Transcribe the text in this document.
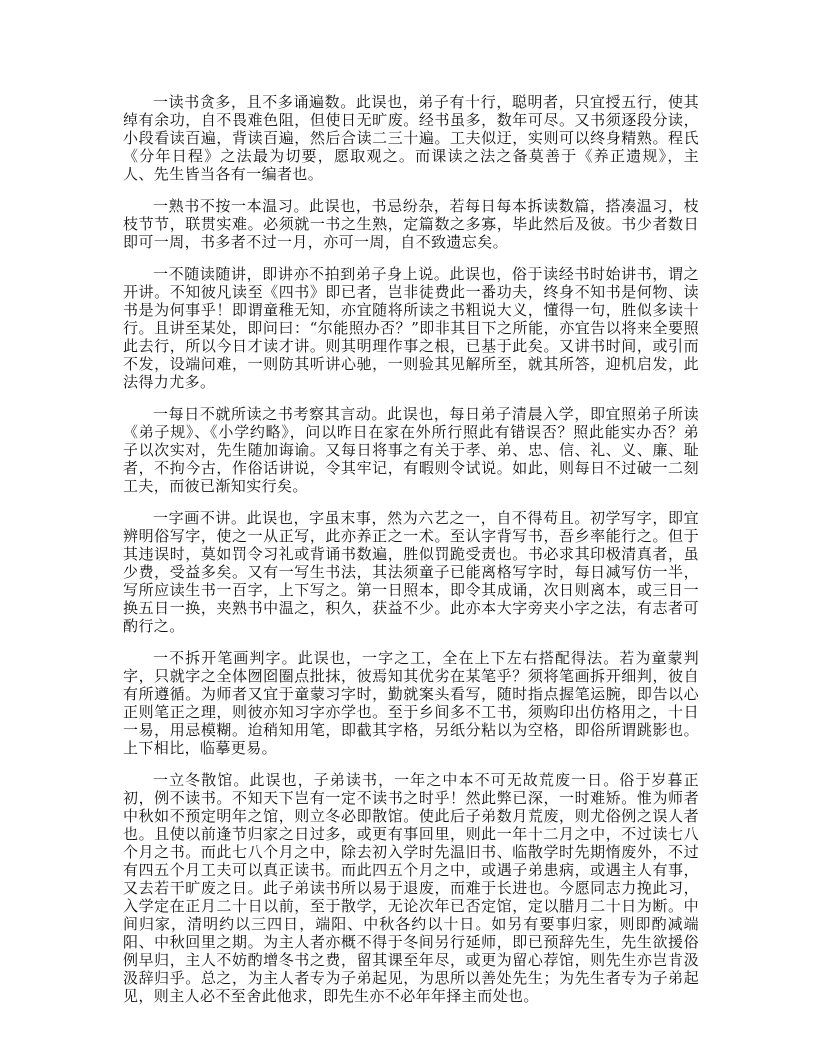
一读书贪多，且不多诵遍数。此误也，弟子有十行，聪明者，只宜授五行，使其绰有余功，自不畏难色阻，但使日无旷废。经书虽多，数年可尽。又书须逐段分读，小段看读百遍，背读百遍，然后合读二三十遍。工夫似迂，实则可以终身精熟。程氏《分年日程》之法最为切要，愿取观之。而课读之法之备莫善于《养正遗规》，主人、先生皆当各有一编者也。

一熟书不按一本温习。此误也，书忌纷杂，若每日每本拆读数篇，搭凑温习，枝枝节节，联贯实难。必须就一书之生熟，定篇数之多寡，毕此然后及彼。书少者数日即可一周，书多者不过一月，亦可一周，自不致遗忘矣。

一不随读随讲，即讲亦不拍到弟子身上说。此误也，俗于读经书时始讲书，谓之开讲。不知彼凡读至《四书》即已者，岂非徒费此一番功夫，终身不知书是何物、读书是为何事乎！即谓童稚无知，亦宜随将所读之书粗说大义，懂得一句，胜似多读十行。且讲至某处，即问曰：“尔能照办否？”即非其目下之所能，亦宜告以将来全要照此去行，所以今日才读才讲。则其明理作事之根，已基于此矣。又讲书时间，或引而不发，设端问难，一则防其听讲心驰，一则验其见解所至，就其所答，迎机启发，此法得力尤多。

一每日不就所读之书考察其言动。此误也，每日弟子清晨入学，即宜照弟子所读《弟子规》、《小学约略》，问以昨日在家在外所行照此有错误否？照此能实办否？弟子以次实对，先生随加诲谕。又每日将事之有关于孝、弟、忠、信、礼、义、廉、耻者，不拘今古，作俗话讲说，令其牢记，有暇则令试说。如此，则每日不过破一二刻工夫，而彼已渐知实行矣。

一字画不讲。此误也，字虽末事，然为六艺之一，自不得苟且。初学写字，即宜辨明俗写字，使之一从正写，此亦养正之一术。至认字背写书，吾乡率能行之。但于其违误时，莫如罚令习礼或背诵书数遍，胜似罚跪受责也。书必求其印极清真者，虽少费，受益多矣。又有一写生书法，其法须童子已能离格写字时，每日减写仿一半，写所应读生书一百字，上下写之。第一日照本，即令其成诵，次日则离本，或三日一换五日一换，夹熟书中温之，积久，获益不少。此亦本大字旁夹小字之法，有志者可酌行之。

一不拆开笔画判字。此误也，一字之工，全在上下左右搭配得法。若为童蒙判字，只就字之全体囫囵圈点批抹，彼焉知其优劣在某笔乎？须将笔画拆开细判，彼自有所遵循。为师者又宜于童蒙习字时，勤就案头看写，随时指点握笔运腕，即告以心正则笔正之理，则彼亦知习字亦学也。至于乡间多不工书，须购印出仿格用之，十日一易，用忌模糊。迨稍知用笔，即截其字格，另纸分粘以为空格，即俗所谓跳影也。上下相比，临摹更易。

一立冬散馆。此误也，子弟读书，一年之中本不可无故荒废一日。俗于岁暮正初，例不读书。不知天下岂有一定不读书之时乎！然此弊已深，一时难矫。惟为师者中秋如不预定明年之馆，则立冬必即散馆。使此后子弟数月荒废，则尤俗例之误人者也。且使以前逢节归家之日过多，或更有事回里，则此一年十二月之中，不过读七八个月之书。而此七八个月之中，除去初入学时先温旧书、临散学时先期惰废外，不过有四五个月工夫可以真正读书。而此四五个月之中，或遇子弟患病，或遇主人有事，又去若干旷废之日。此子弟读书所以易于退废，而难于长进也。今愿同志力挽此习，入学定在正月二十日以前，至于散学，无论次年已否定馆，定以腊月二十日为断。中间归家，清明约以三四日，端阳、中秋各约以十日。如另有要事归家，则即酌减端阳、中秋回里之期。为主人者亦概不得于冬间另行延师，即已预辞先生，先生欲援俗例早归，主人不妨酌增冬书之费，留其课至年尽，或更为留心荐馆，则先生亦岂肯汲汲辞归乎。总之，为主人者专为子弟起见，为思所以善处先生；为先生者专为子弟起见，则主人必不至舍此他求，即先生亦不必年年择主而处也。
